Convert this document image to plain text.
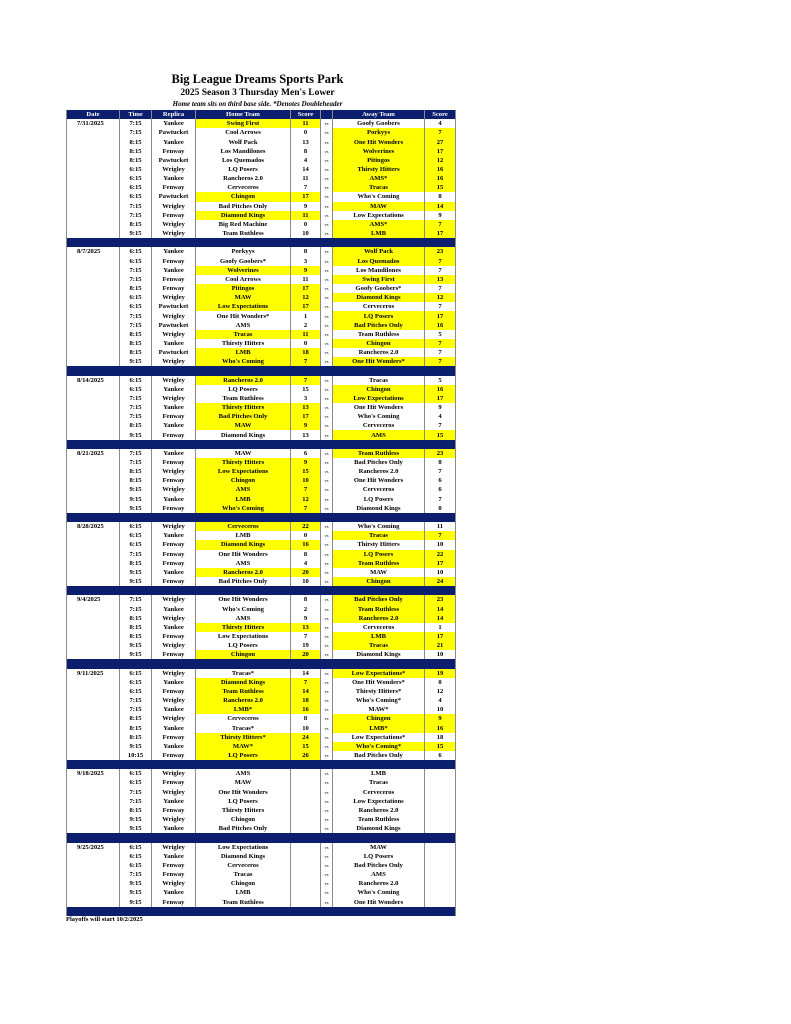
Big League Dreams Sports Park
2025 Season 3 Thursday Men's Lower
Home team sits on third base side. *Denotes Doubleheader
Date	Time	Replica	Home Team	Score		Away Team	Score
7/31/2025	7:15	Yankee	Swing First	11	vs	Goofy Goobers	4
	7:15	Pawtucket	Cool Arrows	0	vs	Porkyys	7
	8:15	Yankee	Wolf Pack	13	vs	One Hit Wonders	27
	8:15	Fenway	Los Mandilones	8	vs	Wolverines	17
	8:15	Pawtucket	Los Quemados	4	vs	Pitingos	12
	6:15	Wrigley	LQ Posers	14	vs	Thirsty Hitters	16
	6:15	Yankee	Rancheros 2.0	11	vs	AMS*	16
	6:15	Fenway	Cerveceros	7	vs	Tracas	15
	6:15	Pawtucket	Chingon	17	vs	Who's Coming	8
	7:15	Wrigley	Bad Pitches Only	9	vs	MAW	14
	7:15	Fenway	Diamond Kings	11	vs	Low Expectations	9
	8:15	Wrigley	Big Red Machine	0	vs	AMS*	7
	9:15	Wrigley	Team Ruthless	10	vs	LMB	17

8/7/2025	6:15	Yankee	Porkyys	8	vs	Wolf Pack	23
	6:15	Fenway	Goofy Goobers*	3	vs	Los Quemados	7
	7:15	Yankee	Wolverines	9	vs	Los Mandilones	7
	7:15	Fenway	Cool Arrows	11	vs	Swing First	13
	8:15	Fenway	Pitingos	17	vs	Goofy Goobers*	7
	6:15	Wrigley	MAW	12	vs	Diamond Kings	12
	6:15	Pawtucket	Low Expectations	17	vs	Cerveceros	7
	7:15	Wrigley	One Hit Wonders*	1	vs	LQ Posers	17
	7:15	Pawtucket	AMS	2	vs	Bad Pitches Only	16
	8:15	Wrigley	Tracas	11	vs	Team Ruthless	5
	8:15	Yankee	Thirsty Hitters	0	vs	Chingon	7
	8:15	Pawtucket	LMB	18	vs	Rancheros 2.0	7
	9:15	Wrigley	Who's Coming	7	vs	One Hit Wonders*	7

8/14/2025	6:15	Wrigley	Rancheros 2.0	7	vs	Tracas	5
	6:15	Yankee	LQ Posers	15	vs	Chingon	16
	7:15	Wrigley	Team Ruthless	3	vs	Low Expectations	17
	7:15	Yankee	Thirsty Hitters	13	vs	One Hit Wonders	9
	7:15	Fenway	Bad Pitches Only	17	vs	Who's Coming	4
	8:15	Yankee	MAW	9	vs	Cerveceros	7
	9:15	Fenway	Diamond Kings	13	vs	AMS	15

8/21/2025	7:15	Yankee	MAW	6	vs	Team Ruthless	23
	7:15	Fenway	Thirsty Hitters	9	vs	Bad Pitches Only	8
	8:15	Wrigley	Low Expectations	15	vs	Rancheros 2.0	7
	8:15	Fenway	Chingon	10	vs	One Hit Wonders	6
	9:15	Wrigley	AMS	7	vs	Cerveceros	6
	9:15	Yankee	LMB	12	vs	LQ Posers	7
	9:15	Fenway	Who's Coming	7	vs	Diamond Kings	0

8/28/2025	6:15	Wrigley	Cerveceros	22	vs	Who's Coming	11
	6:15	Yankee	LMB	0	vs	Tracas	7
	6:15	Fenway	Diamond Kings	16	vs	Thirsty Hitters	10
	7:15	Fenway	One Hit Wonders	8	vs	LQ Posers	22
	8:15	Fenway	AMS	4	vs	Team Ruthless	17
	9:15	Yankee	Rancheros 2.0	20	vs	MAW	10
	9:15	Fenway	Bad Pitches Only	10	vs	Chingon	24

9/4/2025	7:15	Wrigley	One Hit Wonders	8	vs	Bad Pitches Only	23
	7:15	Yankee	Who's Coming	2	vs	Team Ruthless	14
	8:15	Wrigley	AMS	9	vs	Rancheros 2.0	14
	8:15	Yankee	Thirsty Hitters	13	vs	Cerveceros	1
	8:15	Fenway	Low Expectations	7	vs	LMB	17
	9:15	Wrigley	LQ Posers	19	vs	Tracas	21
	9:15	Fenway	Chingon	20	vs	Diamond Kings	10

9/11/2025	6:15	Wrigley	Tracas*	14	vs	Low Expectations*	19
	6:15	Yankee	Diamond Kings	7	vs	One Hit Wonders*	0
	6:15	Fenway	Team Ruthless	14	vs	Thirsty Hitters*	12
	7:15	Wrigley	Rancheros 2.0	18	vs	Who's Coming*	4
	7:15	Yankee	LMB*	16	vs	MAW*	10
	8:15	Wrigley	Cerveceros	8	vs	Chingon	9
	8:15	Yankee	Tracas*	10	vs	LMB*	16
	8:15	Fenway	Thirsty Hitters*	24	vs	Low Expectations*	18
	9:15	Yankee	MAW*	15	vs	Who's Coming*	15
	10:15	Fenway	LQ Posers	26	vs	Bad Pitches Only	6

9/18/2025	6:15	Wrigley	AMS		vs	LMB	
	6:15	Fenway	MAW		vs	Tracas	
	7:15	Wrigley	One Hit Wonders		vs	Cerveceros	
	7:15	Yankee	LQ Posers		vs	Low Expectations	
	8:15	Fenway	Thirsty Hitters		vs	Rancheros 2.0	
	9:15	Wrigley	Chingon		vs	Team Ruthless	
	9:15	Yankee	Bad Pitches Only		vs	Diamond Kings	

9/25/2025	6:15	Wrigley	Low Expectations		vs	MAW	
	6:15	Yankee	Diamond Kings		vs	LQ Posers	
	6:15	Fenway	Cerveceros		vs	Bad Pitches Only	
	7:15	Fenway	Tracas		vs	AMS	
	9:15	Wrigley	Chingon		vs	Rancheros 2.0	
	9:15	Yankee	LMB		vs	Who's Coming	
	9:15	Fenway	Team Ruthless		vs	One Hit Wonders	

Playoffs will start 10/2/2025
